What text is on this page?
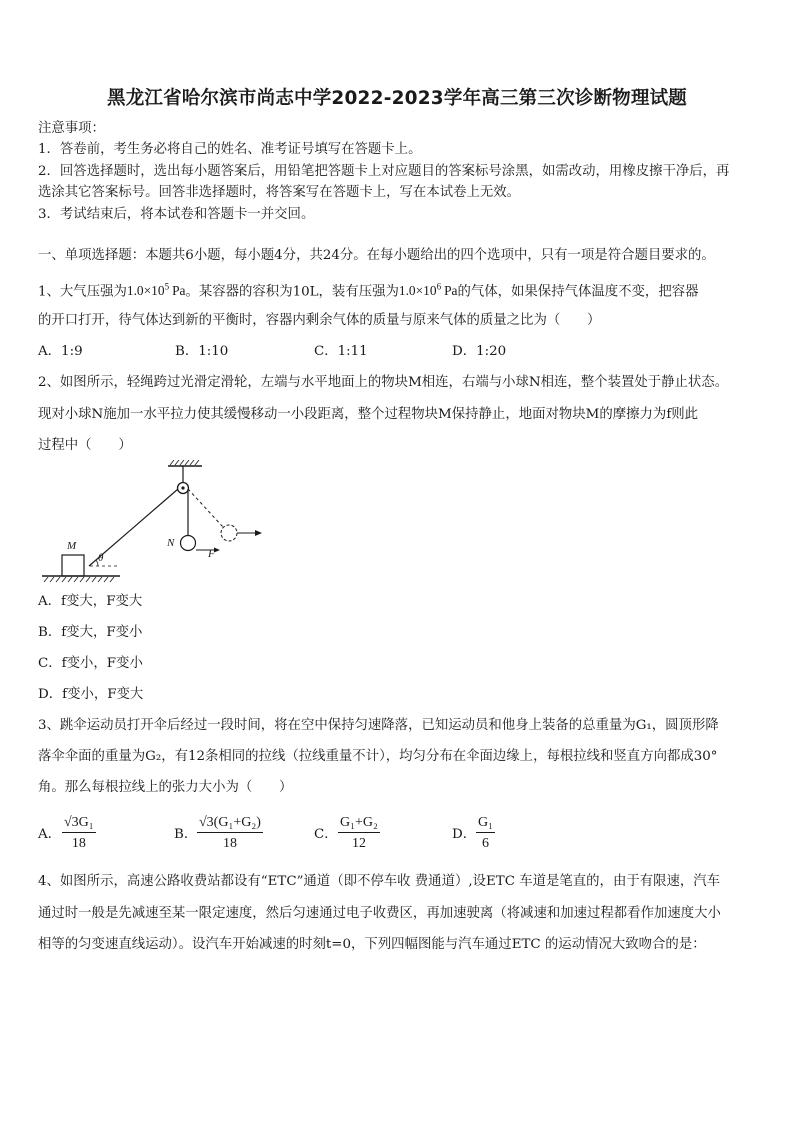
黑龙江省哈尔滨市尚志中学2022-2023学年高三第三次诊断物理试题
注意事项：
1．答卷前，考生务必将自己的姓名、准考证号填写在答题卡上。
2．回答选择题时，选出每小题答案后，用铅笔把答题卡上对应题目的答案标号涂黑，如需改动，用橡皮擦干净后，再
选涂其它答案标号。回答非选择题时，将答案写在答题卡上，写在本试卷上无效。
3．考试结束后，将本试卷和答题卡一并交回。
一、单项选择题：本题共6小题，每小题4分，共24分。在每小题给出的四个选项中，只有一项是符合题目要求的。
1、大气压强为$1.0\times 10^5$ Pa。某容器的容积为10L，装有压强为$1.0\times 10^6$ Pa的气体，如果保持气体温度不变，把容器
的开口打开，待气体达到新的平衡时，容器内剩余气体的质量与原来气体的质量之比为（　　）
A．1:9	B．1:10	C．1:11	D．1:20
2、如图所示，轻绳跨过光滑定滑轮，左端与水平地面上的物块M相连，右端与小球N相连，整个装置处于静止状态。
现对小球N施加一水平拉力使其缓慢移动一小段距离，整个过程物块M保持静止，地面对物块M的摩擦力为f则此
过程中（　　）
M
θ
N
F
A．f变大，F变大
B．f变大，F变小
C．f变小，F变小
D．f变小，F变大
3、跳伞运动员打开伞后经过一段时间，将在空中保持匀速降落，已知运动员和他身上装备的总重量为G₁，圆顶形降
落伞伞面的重量为G₂，有12条相同的拉线（拉线重量不计），均匀分布在伞面边缘上，每根拉线和竖直方向都成30°
角。那么每根拉线上的张力大小为（　　）
A． $\frac{\text{√3G₁}}{18}$	B． $\frac{\text{√3(G₁+G₂)}}{18}$	C． $\frac{\text{G₁+G₂}}{12}$	D． $\frac{\text{G₁}}{6}$
4、如图所示，高速公路收费站都设有“ETC”通道（即不停车收 费通道）,设ETC 车道是笔直的，由于有限速，汽车
通过时一般是先减速至某一限定速度，然后匀速通过电子收费区，再加速驶离（将减速和加速过程都看作加速度大小
相等的匀变速直线运动）。设汽车开始减速的时刻t=0，下列四幅图能与汽车通过ETC 的运动情况大致吻合的是：
